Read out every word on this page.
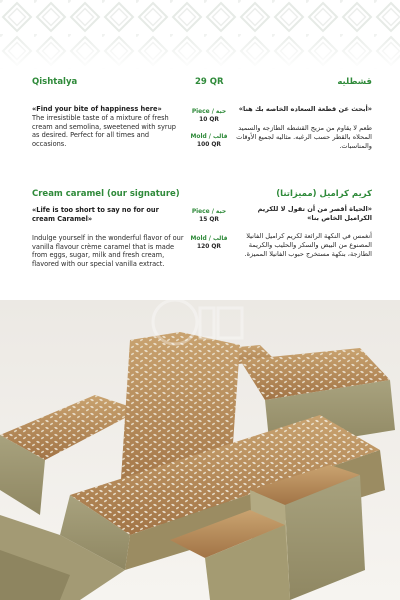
Qishtalya	29 QR	قشطليه
«Find your bite of happiness here»
The irresistible taste of a mixture of fresh cream and semolina, sweetened with syrup as desired. Perfect for all times and occasions.
Piece / حبة
10 QR
Mold / قالب
100 QR
«أبحث عن قطعة السعاده الخاصه بك هنا»
طعم لا يقاوم من مزيج القشطه الطازجه والسميد المحلاه بالقطر حسب الرغبه. مثاليه لجميع الأوقات والمناسبات.
Cream caramel (our signature)	كريم كراميل (مميزاتنا)
«Life is too short to say no for our cream Caramel»
Indulge yourself in the wonderful flavor of our vanilla flavour crème caramel that is made from eggs, sugar, milk and fresh cream, flavored with our special vanilla extract.
Piece / حبة
15 QR
Mold / قالب
120 QR
«الحياة أقصر من أن تقول لا للكريم الكراميل الخاص بنا»
أنغمس في النكهة الرائعة لكريم كراميل الفانيلا المصنوع من البيض والسكر والحليب والكريمة الطازجة، بنكهة مستخرج حبوب الفانيلا المميزة.
